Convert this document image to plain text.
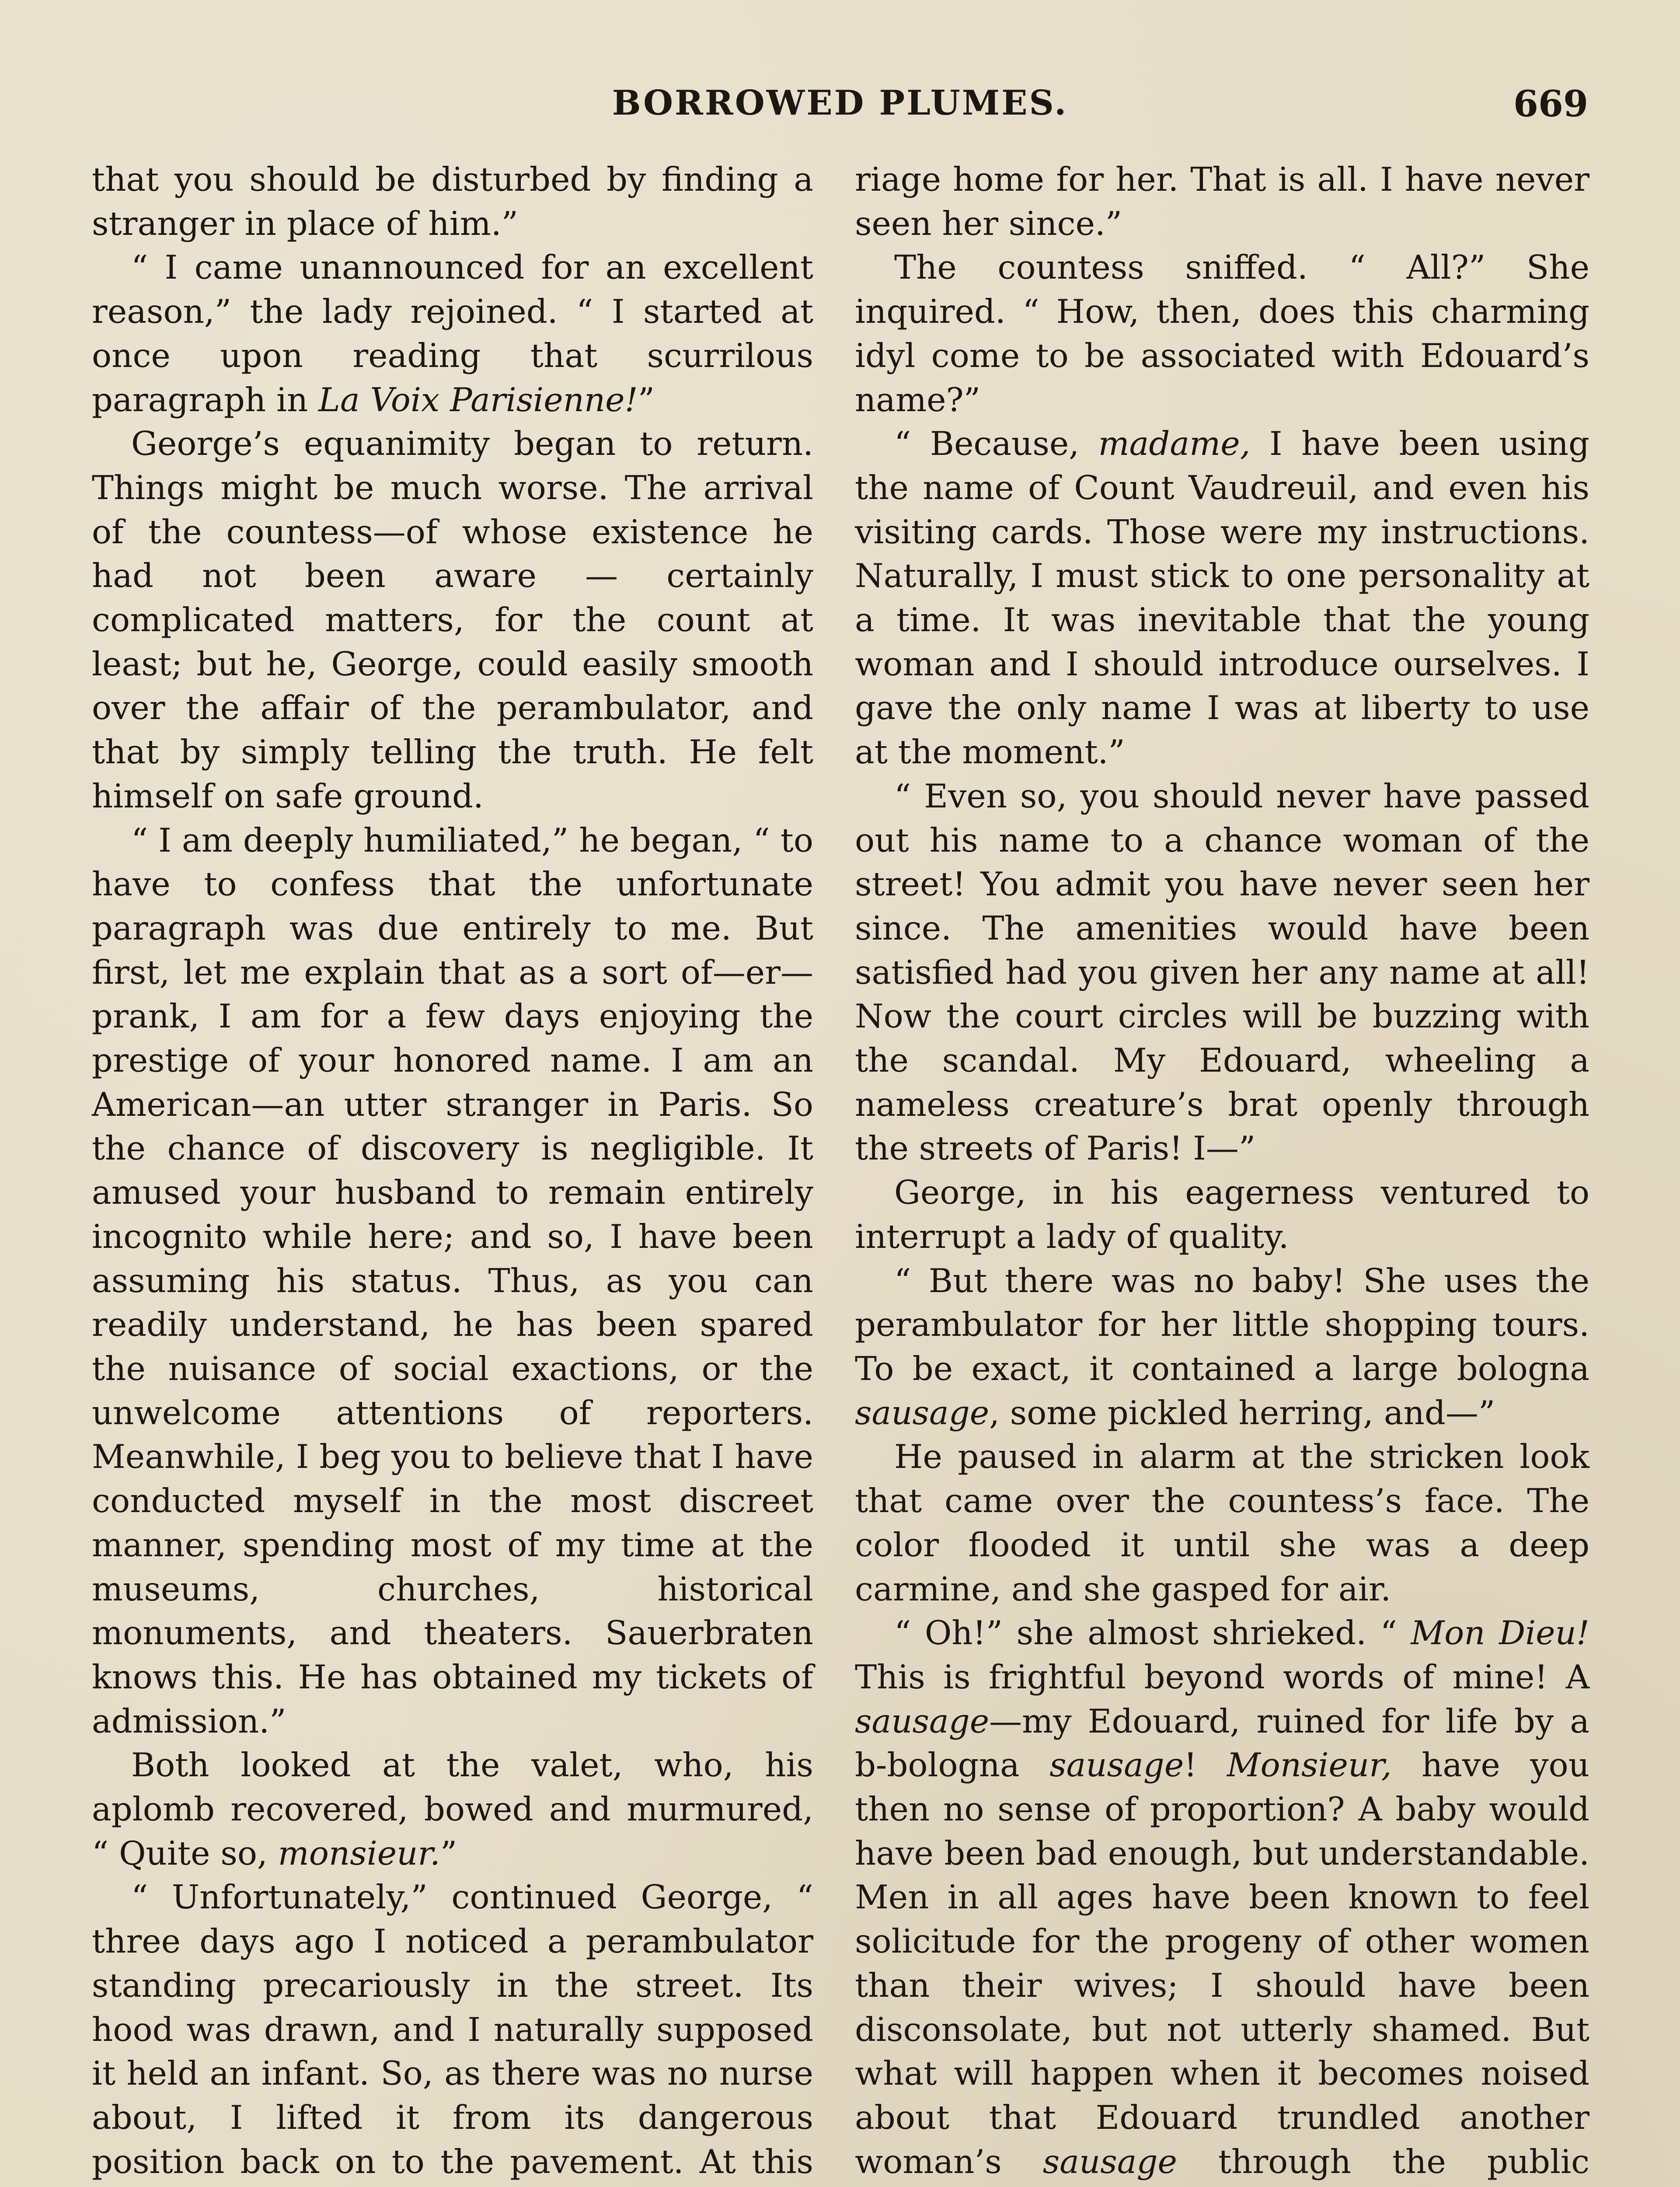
BORROWED PLUMES.	669

that you should be disturbed by finding a stranger in place of him.”

“ I came unannounced for an excellent reason,” the lady rejoined. “ I started at once upon reading that scurrilous paragraph in La Voix Parisienne!”

George’s equanimity began to return. Things might be much worse. The arrival of the countess—of whose existence he had not been aware — certainly complicated matters, for the count at least; but he, George, could easily smooth over the affair of the perambulator, and that by simply telling the truth. He felt himself on safe ground.

“ I am deeply humiliated,” he began, “ to have to confess that the unfortunate paragraph was due entirely to me. But first, let me explain that as a sort of—er—prank, I am for a few days enjoying the prestige of your honored name. I am an American—an utter stranger in Paris. So the chance of discovery is negligible. It amused your husband to remain entirely incognito while here; and so, I have been assuming his status. Thus, as you can readily understand, he has been spared the nuisance of social exactions, or the unwelcome attentions of reporters. Meanwhile, I beg you to believe that I have conducted myself in the most discreet manner, spending most of my time at the museums, churches, historical monuments, and theaters. Sauerbraten knows this. He has obtained my tickets of admission.”

Both looked at the valet, who, his aplomb recovered, bowed and murmured, “ Quite so, monsieur.”

“ Unfortunately,” continued George, “ three days ago I noticed a perambulator standing precariously in the street. Its hood was drawn, and I naturally supposed it held an infant. So, as there was no nurse about, I lifted it from its dangerous position back on to the pavement. At this

riage home for her. That is all. I have never seen her since.”

The countess sniffed. “ All?” She inquired. “ How, then, does this charming idyl come to be associated with Edouard’s name?”

“ Because, madame, I have been using the name of Count Vaudreuil, and even his visiting cards. Those were my instructions. Naturally, I must stick to one personality at a time. It was inevitable that the young woman and I should introduce ourselves. I gave the only name I was at liberty to use at the moment.”

“ Even so, you should never have passed out his name to a chance woman of the street! You admit you have never seen her since. The amenities would have been satisfied had you given her any name at all! Now the court circles will be buzzing with the scandal. My Edouard, wheeling a nameless creature’s brat openly through the streets of Paris! I—”

George, in his eagerness ventured to interrupt a lady of quality.

“ But there was no baby! She uses the perambulator for her little shopping tours. To be exact, it contained a large bologna sausage, some pickled herring, and—”

He paused in alarm at the stricken look that came over the countess’s face. The color flooded it until she was a deep carmine, and she gasped for air.

“ Oh!” she almost shrieked. “ Mon Dieu! This is frightful beyond words of mine! A sausage—my Edouard, ruined for life by a b-bologna sausage! Monsieur, have you then no sense of proportion? A baby would have been bad enough, but understandable. Men in all ages have been known to feel solicitude for the progeny of other women than their wives; I should have been disconsolate, but not utterly shamed. But what will happen when it becomes noised about that Edouard trundled another woman’s sausage through the public
